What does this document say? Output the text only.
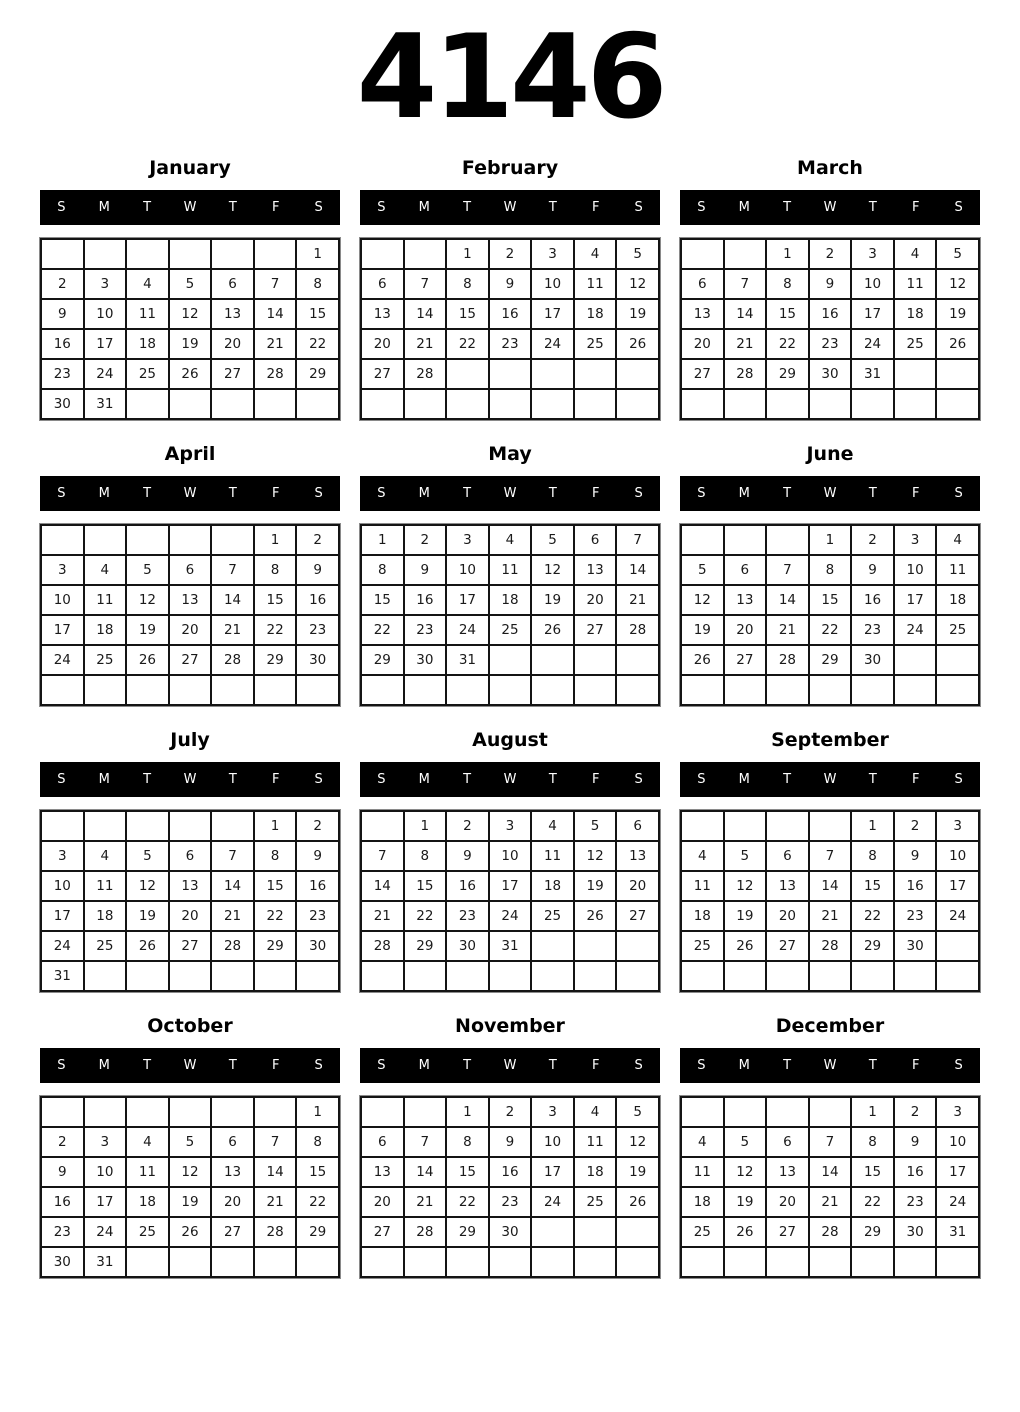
4146
January
S	M	T	W	T	F	S
						1
2	3	4	5	6	7	8
9	10	11	12	13	14	15
16	17	18	19	20	21	22
23	24	25	26	27	28	29
30	31					
February
S	M	T	W	T	F	S
		1	2	3	4	5
6	7	8	9	10	11	12
13	14	15	16	17	18	19
20	21	22	23	24	25	26
27	28					

March
S	M	T	W	T	F	S
		1	2	3	4	5
6	7	8	9	10	11	12
13	14	15	16	17	18	19
20	21	22	23	24	25	26
27	28	29	30	31		

April
S	M	T	W	T	F	S
					1	2
3	4	5	6	7	8	9
10	11	12	13	14	15	16
17	18	19	20	21	22	23
24	25	26	27	28	29	30

May
S	M	T	W	T	F	S
1	2	3	4	5	6	7
8	9	10	11	12	13	14
15	16	17	18	19	20	21
22	23	24	25	26	27	28
29	30	31				

June
S	M	T	W	T	F	S
			1	2	3	4
5	6	7	8	9	10	11
12	13	14	15	16	17	18
19	20	21	22	23	24	25
26	27	28	29	30		

July
S	M	T	W	T	F	S
					1	2
3	4	5	6	7	8	9
10	11	12	13	14	15	16
17	18	19	20	21	22	23
24	25	26	27	28	29	30
31						
August
S	M	T	W	T	F	S
	1	2	3	4	5	6
7	8	9	10	11	12	13
14	15	16	17	18	19	20
21	22	23	24	25	26	27
28	29	30	31			

September
S	M	T	W	T	F	S
				1	2	3
4	5	6	7	8	9	10
11	12	13	14	15	16	17
18	19	20	21	22	23	24
25	26	27	28	29	30	

October
S	M	T	W	T	F	S
						1
2	3	4	5	6	7	8
9	10	11	12	13	14	15
16	17	18	19	20	21	22
23	24	25	26	27	28	29
30	31					
November
S	M	T	W	T	F	S
		1	2	3	4	5
6	7	8	9	10	11	12
13	14	15	16	17	18	19
20	21	22	23	24	25	26
27	28	29	30			

December
S	M	T	W	T	F	S
				1	2	3
4	5	6	7	8	9	10
11	12	13	14	15	16	17
18	19	20	21	22	23	24
25	26	27	28	29	30	31
